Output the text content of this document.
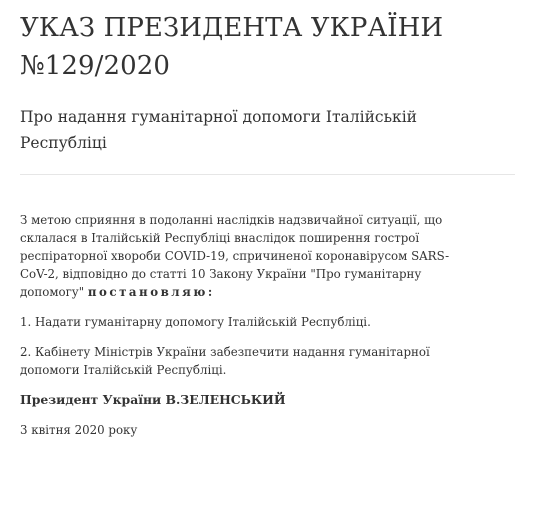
УКАЗ ПРЕЗИДЕНТА УКРАЇНИ
№129/2020
Про надання гуманітарної допомоги Італійській
Республіці

З метою сприяння в подоланні наслідків надзвичайної ситуації, що
склалася в Італійській Республіці внаслідок поширення гострої
респіраторної хвороби COVID-19, спричиненої коронавірусом SARS-
CoV-2, відповідно до статті 10 Закону України "Про гуманітарну
допомогу" постановляю:

1. Надати гуманітарну допомогу Італійській Республіці.

2. Кабінету Міністрів України забезпечити надання гуманітарної
допомоги Італійській Республіці.

Президент України В.ЗЕЛЕНСЬКИЙ

3 квітня 2020 року
